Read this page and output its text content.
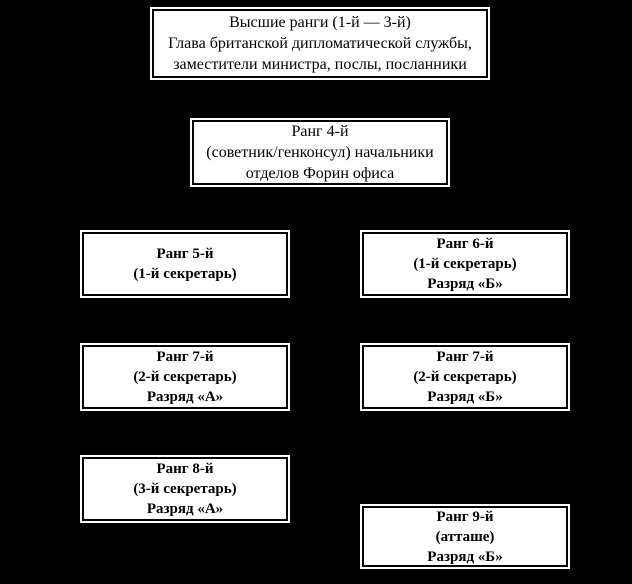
Высшие ранги (1-й — 3-й)
Глава британской дипломатической службы,
заместители министра, послы, посланники
Ранг 4-й
(советник/генконсул) начальники
отделов Форин офиса
Ранг 5-й
(1-й секретарь)
Ранг 6-й
(1-й секретарь)
Разряд «Б»
Ранг 7-й
(2-й секретарь)
Разряд «А»
Ранг 7-й
(2-й секретарь)
Разряд «Б»
Ранг 8-й
(3-й секретарь)
Разряд «А»	Ранг 9-й
(атташе)
Разряд «Б»
